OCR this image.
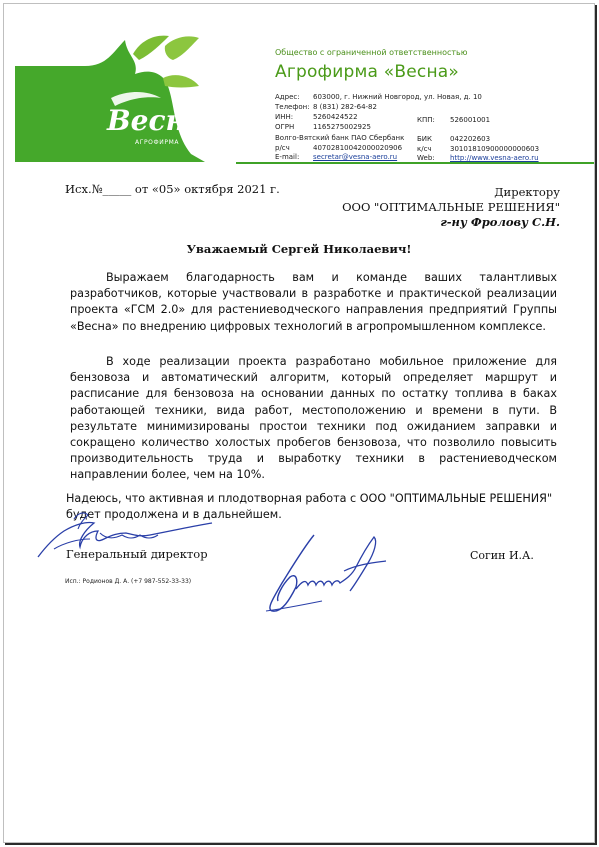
Весна
АГРОФИРМА
Общество с ограниченной ответственностью
Агрофирма «Весна»
Адрес: 603000, г. Нижний Новгород, ул. Новая, д. 10
Телефон: 8 (831) 282-64-82
ИНН:	5260424522	КПП: 526001001
ОГРН	1165275002925
Волго-Вятский банк ПАО Сбербанк БИК	042202603
р/сч	40702810042000020906 к/сч	30101810900000000603
E-mail: secretar@vesna-aero.ru	Web: http://www.vesna-aero.ru
Исх.№_____ от «05» октября 2021 г.	Директору
ООО "ОПТИМАЛЬНЫЕ РЕШЕНИЯ"
г-ну Фролову С.Н.
Уважаемый Сергей Николаевич!

Выражаем благодарность вам и команде ваших талантливых разработчиков, которые участвовали в разработке и практической реализации проекта «ГСМ 2.0» для растениеводческого направления предприятий Группы «Весна» по внедрению цифровых технологий в агропромышленном комплексе.

В ходе реализации проекта разработано мобильное приложение для бензовоза и автоматический алгоритм, который определяет маршрут и расписание для бензовоза на основании данных по остатку топлива в баках работающей техники, вида работ, местоположению и времени в пути. В результате минимизированы простои техники под ожиданием заправки и сокращено количество холостых пробегов бензовоза, что позволило повысить производительность труда и выработку техники в растениеводческом направлении более, чем на 10%.

Надеюсь, что активная и плодотворная работа с ООО "ОПТИМАЛЬНЫЕ РЕШЕНИЯ" будет продолжена и в дальнейшем.

Генеральный директор	Согин И.А.
Исп.: Родионов Д. А. (+7 987-552-33-33)
